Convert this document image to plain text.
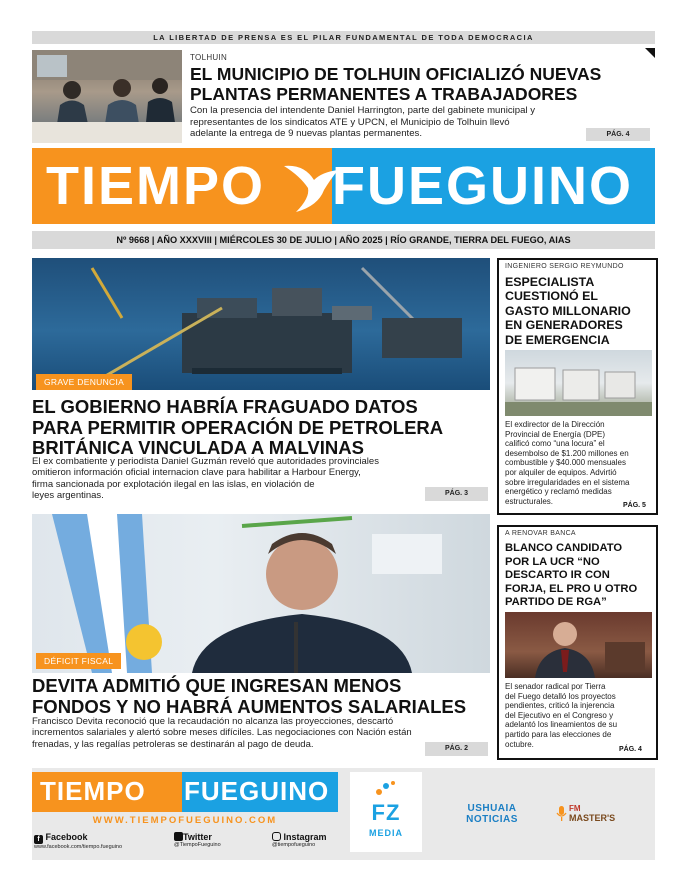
LA LIBERTAD DE PRENSA ES EL PILAR FUNDAMENTAL DE TODA DEMOCRACIA
TOLHUIN
EL MUNICIPIO DE TOLHUIN OFICIALIZÓ NUEVAS
PLANTAS PERMANENTES A TRABAJADORES
Con la presencia del intendente Daniel Harrington, parte del gabinete municipal y
representantes de los sindicatos ATE y UPCN, el Municipio de Tolhuin llevó
adelante la entrega de 9 nuevas plantas permanentes.	PÁG. 4
TIEMPO FUEGUINO
Nº 9668 | AÑO XXXVIII | MIÉRCOLES 30 DE JULIO | AÑO 2025 | RÍO GRANDE, TIERRA DEL FUEGO, AIAS
GRAVE DENUNCIA
EL GOBIERNO HABRÍA FRAGUADO DATOS
PARA PERMITIR OPERACIÓN DE PETROLERA
BRITÁNICA VINCULADA A MALVINAS
El ex combatiente y periodista Daniel Guzmán reveló que autoridades provinciales
omitieron información oficial internacion clave para habilitar a Harbour Energy,
firma sancionada por explotación ilegal en las islas, en violación de
leyes argentinas.	PÁG. 3
INGENIERO SERGIO REYMUNDO
ESPECIALISTA
CUESTIONÓ EL
GASTO MILLONARIO
EN GENERADORES
DE EMERGENCIA
El exdirector de la Dirección
Provincial de Energía (DPE)
calificó como “una locura” el
desembolso de $1.200 millones en
combustible y $40.000 mensuales
por alquiler de equipos. Advirtió
sobre irregularidades en el sistema
energético y reclamó medidas
estructurales.	PÁG. 5
DÉFICIT FISCAL
DEVITA ADMITIÓ QUE INGRESAN MENOS
FONDOS Y NO HABRÁ AUMENTOS SALARIALES
Francisco Devita reconoció que la recaudación no alcanza las proyecciones, descartó
incrementos salariales y alertó sobre meses difíciles. Las negociaciones con Nación están
frenadas, y las regalías petroleras se destinarán al pago de deuda.	PÁG. 2
A RENOVAR BANCA
BLANCO CANDIDATO
POR LA UCR “NO
DESCARTO IR CON
FORJA, EL PRO U OTRO
PARTIDO DE RGA”
El senador radical por Tierra
del Fuego detalló los proyectos
pendientes, criticó la injerencia
del Ejecutivo en el Congreso y
adelantó los lineamientos de su
partido para las elecciones de
octubre.
PÁG. 4
TIEMPO FUEGUINO
WWW.TIEMPOFUEGUINO.COM
f Facebook
www.facebook.com/tiempo.fueguino
Twitter
@TiempoFueguino
Instagram
@tiempofueguino
FZ
MEDIA
USHUAIA
NOTICIAS
FM
MASTER'S
